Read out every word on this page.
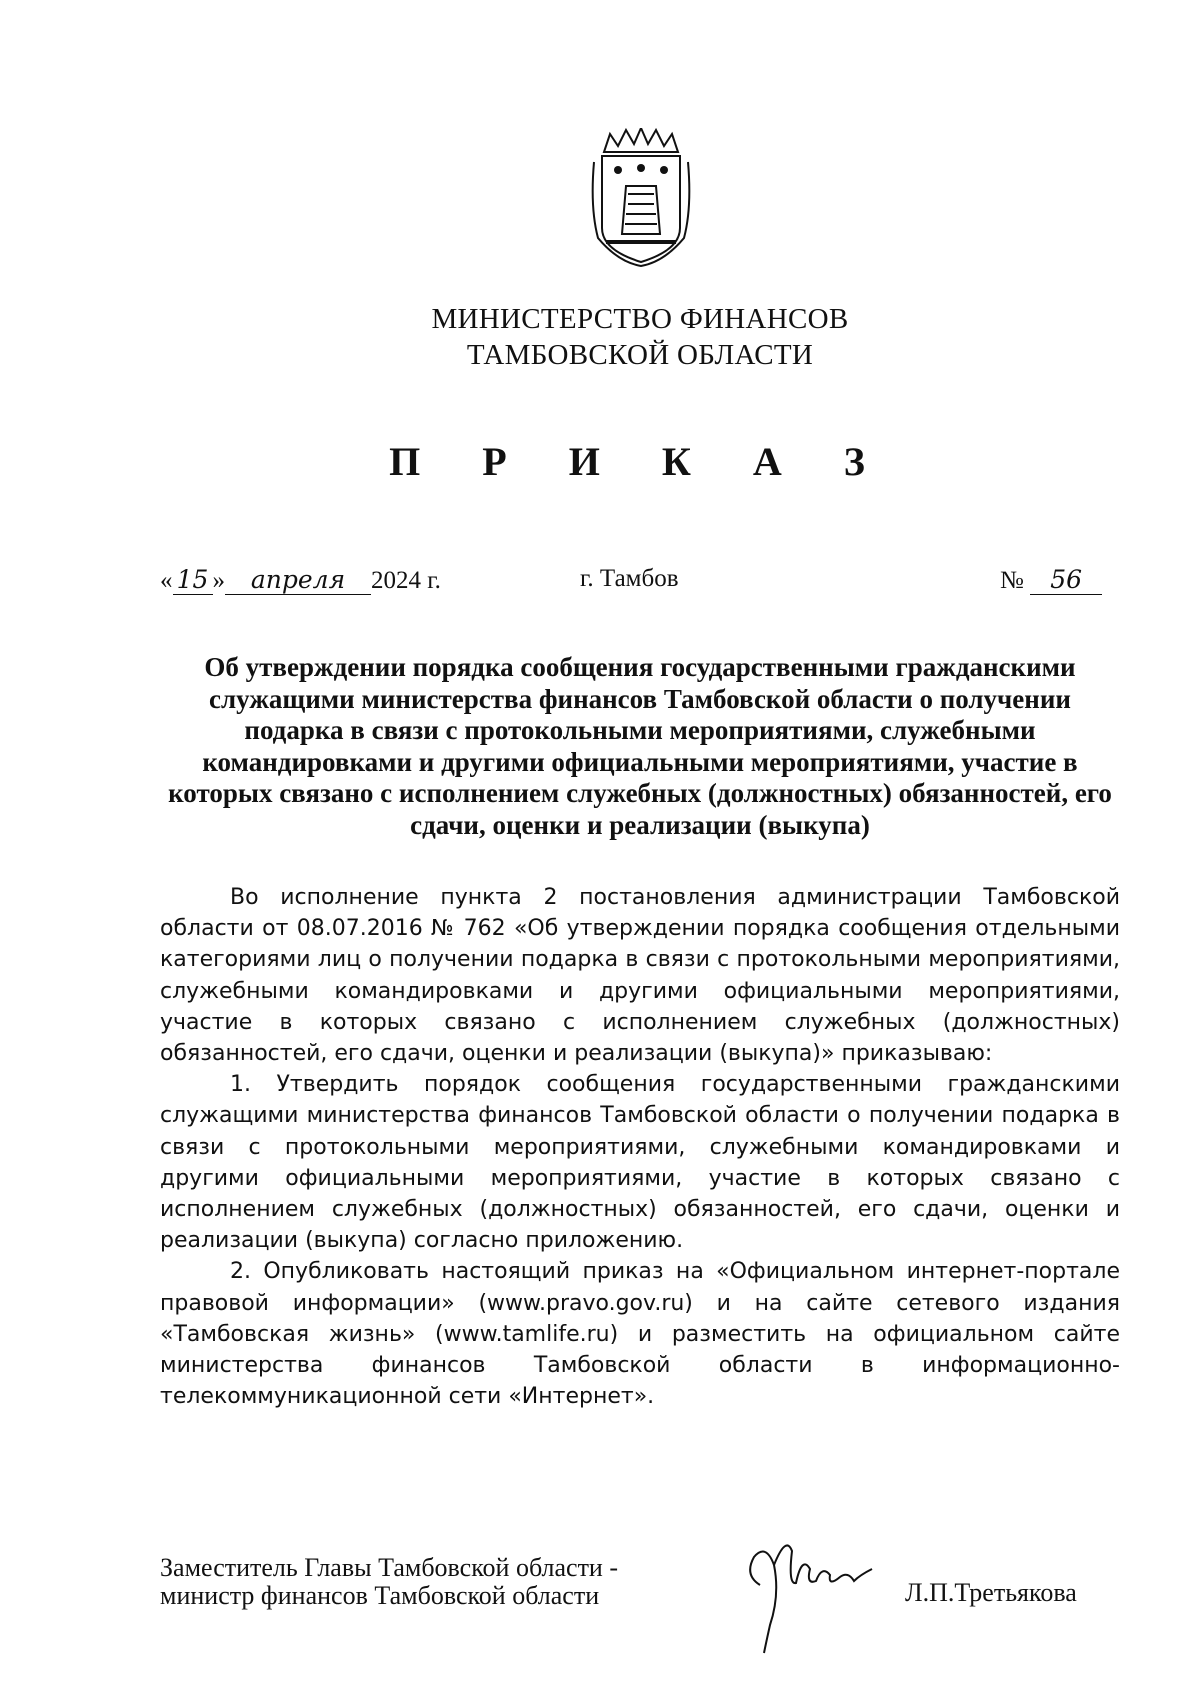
МИНИСТЕРСТВО ФИНАНСОВ
ТАМБОВСКОЙ ОБЛАСТИ
П Р И К А З
« 15 » апреля 2024 г.	г. Тамбов	№ 56
Об утверждении порядка сообщения государственными гражданскими служащими министерства финансов Тамбовской области о получении подарка в связи с протокольными мероприятиями, служебными командировками и другими официальными мероприятиями, участие в которых связано с исполнением служебных (должностных) обязанностей, его сдачи, оценки и реализации (выкупа)

Во исполнение пункта 2 постановления администрации Тамбовской области от 08.07.2016 № 762 «Об утверждении порядка сообщения отдельными категориями лиц о получении подарка в связи с протокольными мероприятиями, служебными командировками и другими официальными мероприятиями, участие в которых связано с исполнением служебных (должностных) обязанностей, его сдачи, оценки и реализации (выкупа)» приказываю:

1. Утвердить порядок сообщения государственными гражданскими служащими министерства финансов Тамбовской области о получении подарка в связи с протокольными мероприятиями, служебными командировками и другими официальными мероприятиями, участие в которых связано с исполнением служебных (должностных) обязанностей, его сдачи, оценки и реализации (выкупа) согласно приложению.

2. Опубликовать настоящий приказ на «Официальном интернет-портале правовой информации» (www.pravo.gov.ru) и на сайте сетевого издания «Тамбовская жизнь» (www.tamlife.ru) и разместить на официальном сайте министерства финансов Тамбовской области в информационно-телекоммуникационной сети «Интернет».

Заместитель Главы Тамбовской области -
министр финансов Тамбовской области	Л.П.Третьякова
